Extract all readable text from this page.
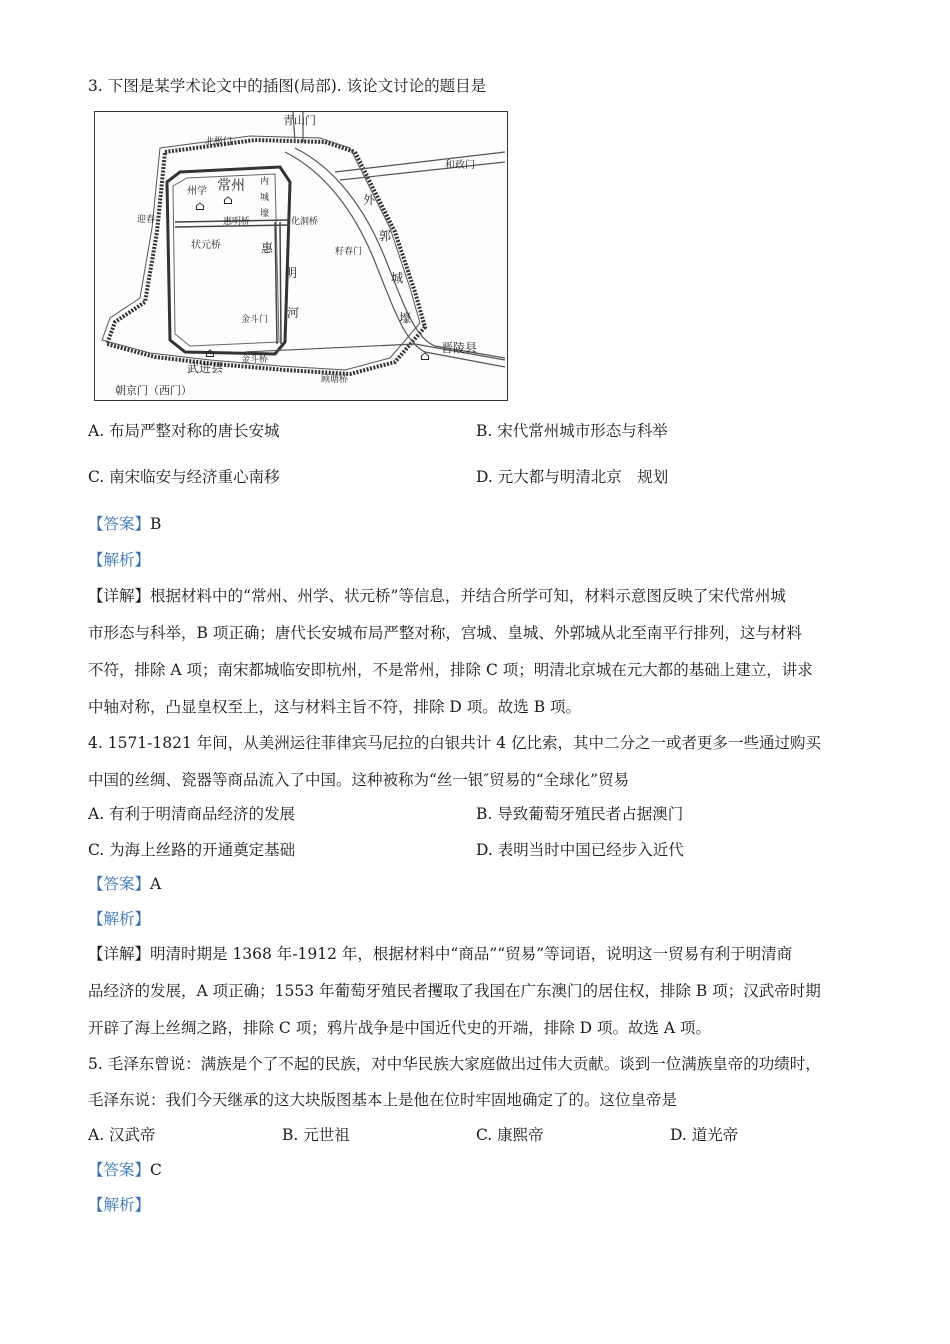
3. 下图是某学术论文中的插图(局部). 该论文讨论的题目是
⌂ ⌂
⌂	⌂
青山门
北极门
和政门
常州
州学
迎春
内
城
壕
惠明桥	化洞桥
状元桥	惠
明
河
外
郭
城
壕
籽春门
金斗门
金斗桥
武进县
晋陵县
顾塘桥
朝京门（西门）
A. 布局严整对称的唐长安城	B. 宋代常州城市形态与科举
C. 南宋临安与经济重心南移	D. 元大都与明清北京　规划
【答案】B
【解析】
【详解】根据材料中的“常州、州学、状元桥”等信息，并结合所学可知，材料示意图反映了宋代常州城
市形态与科举，B 项正确；唐代长安城布局严整对称，宫城、皇城、外郭城从北至南平行排列，这与材料
不符，排除 A 项；南宋都城临安即杭州，不是常州，排除 C 项；明清北京城在元大都的基础上建立，讲求
中轴对称，凸显皇权至上，这与材料主旨不符，排除 D 项。故选 B 项。
4. 1571-1821 年间，从美洲运往菲律宾马尼拉的白银共计 4 亿比索，其中二分之一或者更多一些通过购买
中国的丝绸、瓷器等商品流入了中国。这种被称为“丝一银″贸易的“全球化”贸易
A. 有利于明清商品经济的发展	B. 导致葡萄牙殖民者占据澳门
C. 为海上丝路的开通奠定基础	D. 表明当时中国已经步入近代
【答案】A
【解析】
【详解】明清时期是 1368 年-1912 年，根据材料中“商品”“贸易”等词语，说明这一贸易有利于明清商
品经济的发展，A 项正确；1553 年葡萄牙殖民者攫取了我国在广东澳门的居住权，排除 B 项；汉武帝时期
开辟了海上丝绸之路，排除 C 项；鸦片战争是中国近代史的开端，排除 D 项。故选 A 项。
5. 毛泽东曾说：满族是个了不起的民族，对中华民族大家庭做出过伟大贡献。谈到一位满族皇帝的功绩时，
毛泽东说：我们今天继承的这大块版图基本上是他在位时牢固地确定了的。这位皇帝是
A. 汉武帝	B. 元世祖	C. 康熙帝	D. 道光帝
【答案】C
【解析】
